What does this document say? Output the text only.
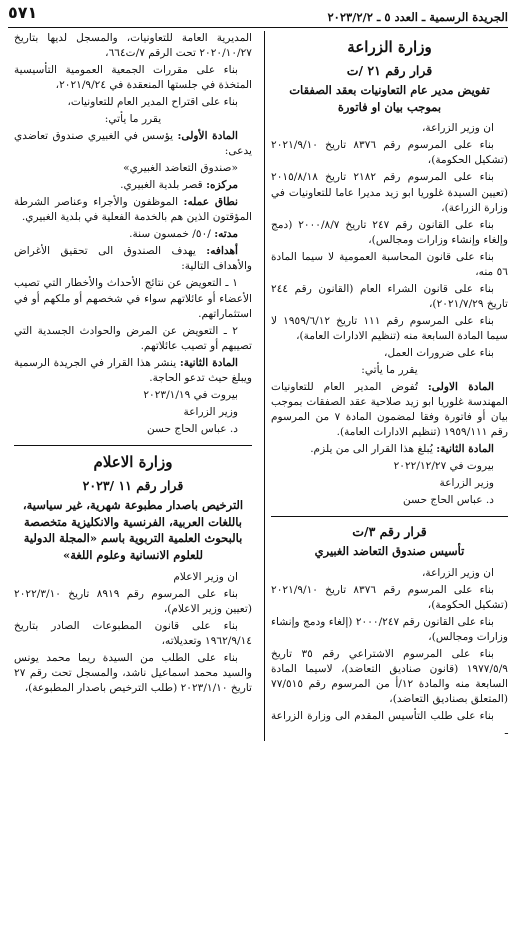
الجريدة الرسمية ـ العدد ٥ ـ ٢٠٢٣/٢/٢
٥٧١
وزارة الزراعة
قرار رقم ٢١ /ت
تفويض مدير عام التعاونيات بعقد الصفقات بموجب بيان او فاتورة

ان وزير الزراعة،

بناء على المرسوم رقم ٨٣٧٦ تاريخ ٢٠٢١/٩/١٠ (تشكيل الحكومة)،

بناء على المرسوم رقم ٢١٨٢ تاريخ ٢٠١٥/٨/١٨ (تعيين السيدة غلوريا ابو زيد مديرا عاما للتعاونيات في وزارة الزراعة)،

بناء على القانون رقم ٢٤٧ تاريخ ٢٠٠٠/٨/٧ (دمج وإلغاء وإنشاء وزارات ومجالس)،

بناء على قانون المحاسبة العمومية لا سيما المادة ٥٦ منه،

بناء على قانون الشراء العام (القانون رقم ٢٤٤ تاريخ ٢٠٢١/٧/٢٩)،

بناء على المرسوم رقم ١١١ تاريخ ١٩٥٩/٦/١٢ لا سيما المادة السابعة منه (تنظيم الادارات العامة)،

بناء على ضرورات العمل،

يقرر ما يأتي:

المادة الاولى: تُفوض المدير العام للتعاونيات المهندسة غلوريا ابو زيد صلاحية عقد الصفقات بموجب بيان أو فاتورة وفقا لمضمون المادة ٧ من المرسوم رقم ١٩٥٩/١١١ (تنظيم الادارات العامة).

المادة الثانية: يُبلغ هذا القرار الى من يلزم.

بيروت في ٢٠٢٢/١٢/٢٧

وزير الزراعة

د. عباس الحاج حسن

قرار رقم ٣/ت
تأسيس صندوق التعاضد الغبيري

ان وزير الزراعة،

بناء على المرسوم رقم ٨٣٧٦ تاريخ ٢٠٢١/٩/١٠ (تشكيل الحكومة)،

بناء على القانون رقم ٢٠٠٠/٢٤٧ (إلغاء ودمج وإنشاء وزارات ومجالس)،

بناء على المرسوم الاشتراعي رقم ٣٥ تاريخ ١٩٧٧/٥/٩ (قانون صناديق التعاضد)، لاسيما المادة السابعة منه والمادة ١٢/أ من المرسوم رقم ٧٧/٥١٥ (المتعلق بصناديق التعاضد)،

بناء على طلب التأسيس المقدم الى وزارة الزراعة ـ

المديرية العامة للتعاونيات، والمسجل لديها بتاريخ ٢٠٢٠/١٠/٢٧ تحت الرقم ٧/ت٦٦٤،

بناء على مقررات الجمعية العمومية التأسيسية المتخذة في جلستها المنعقدة في ٢٠٢١/٩/٢٤،

بناء على اقتراح المدير العام للتعاونيات،

يقرر ما يأتي:

المادة الأولى: يؤسس في الغبيري صندوق تعاضدي يدعى:

«صندوق التعاضد الغبيري»

مركزه: قصر بلدية الغبيري.

نطاق عمله: الموظفون والأجراء وعناصر الشرطة المؤقتون الذين هم بالخدمة الفعلية في بلدية الغبيري.

مدته: /٥٠/ خمسون سنة.

أهدافه: يهدف الصندوق الى تحقيق الأغراض والأهداف التالية:

١ ـ التعويض عن نتائج الأحداث والأخطار التي تصيب الأعضاء أو عائلاتهم سواء في شخصهم أو ملكهم أو في استثماراتهم.

٢ ـ التعويض عن المرض والحوادث الجسدية التي تصيبهم أو تصيب عائلاتهم.

المادة الثانية: ينشر هذا القرار في الجريدة الرسمية ويبلغ حيث تدعو الحاجة.

بيروت في ٢٠٢٣/١/١٩

وزير الزراعة

د. عباس الحاج حسن

وزارة الاعلام
قرار رقم ١١ /٢٠٢٣
الترخيص باصدار مطبوعة شهرية، غير سياسية، باللغات العربية، الفرنسية والانكليزية متخصصة بالبحوث العلمية التربوية باسم «المجلة الدولية للعلوم الانسانية وعلوم اللغة»

ان وزير الاعلام

بناء على المرسوم رقم ٨٩١٩ تاريخ ٢٠٢٢/٣/١٠ (تعيين وزير الاعلام)،

بناء على قانون المطبوعات الصادر بتاريخ ١٩٦٢/٩/١٤ وتعديلاته،

بناء على الطلب من السيدة ريما محمد يونس والسيد محمد اسماعيل ناشد، والمسجل تحت رقم ٢٧ تاريخ ٢٠٢٣/١/١٠ (طلب الترخيص باصدار المطبوعة)،
